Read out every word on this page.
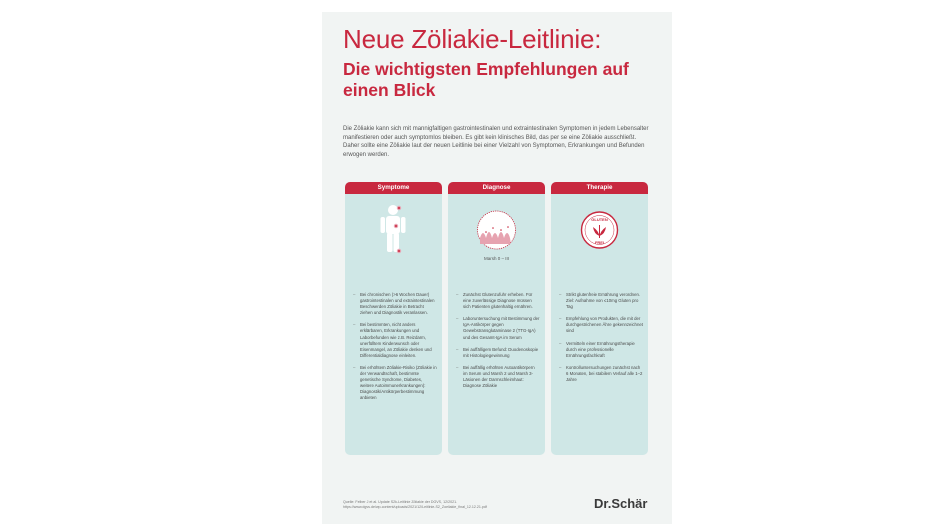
Neue Zöliakie-Leitlinie:
Die wichtigsten Empfehlungen auf einen Blick
Die Zöliakie kann sich mit mannigfaltigen gastrointestinalen und extraintestinalen Symptomen in jedem Lebensalter manifestieren oder auch symptomlos bleiben. Es gibt kein klinisches Bild, das per se eine Zöliakie ausschließt. Daher sollte eine Zöliakie laut der neuen Leitlinie bei einer Vielzahl von Symptomen, Erkrankungen und Befunden erwogen werden.
Symptome
– Bei chronischen (>6 Wochen Dauer) gastrointestinalen und extraintestinalen Beschwerden Zöliakie in Betracht ziehen und Diagnostik veranlassen.
– Bei bestimmten, nicht anders erklärbaren, Erkrankungen und Laborbefunden wie z.B. Reizdarm, unerfülltem Kinderwunsch oder Eisenmangel, an Zöliakie denken und Differentialdiagnose einleiten.
– Bei erhöhtem Zöliakie-Risiko (Zöliakie in der Verwandtschaft, bestimmte genetische Syndrome, Diabetes, weitere Autoimmunerkrankungen): Diagnostik/Antikörperbestimmung anbieten
Diagnose
Marsh 0 – III
– Zunächst Glutenzufuhr erheben. Für eine zuverlässige Diagnose müssen sich Patienten glutenhaltig ernähren.
– Laboruntersuchung mit Bestimmung der IgA-Antikörper gegen Gewebstransglutaminase 2 (TTG-IgA) und des Gesamt-IgA im Serum
– Bei auffälligem Befund: Duodenoskopie mit Histologiegewinnung
– Bei auffällig erhöhten Autoantikörpern im Serum und Marsh 2 und Marsh 3-Läsionen der Darmschleimhaut: Diagnose Zöliakie
Therapie
GLUTEN
FREI
– Strikt glutenfreie Ernährung verordnen. Ziel: Aufnahme von ≤10mg Gluten pro Tag
– Empfehlung von Produkten, die mit der durchgestrichenen Ähre gekennzeichnet sind
– Vermitteln einer Ernährungstherapie durch eine professionelle Ernährungsfachkraft
– Kontrolluntersuchungen zunächst nach 6 Monaten, bei stabilem Verlauf alle 1–2 Jahre
Quelle: Felber J et al. Update S2k-Leitlinie Zöliakie der DGVS, 12/2021.
https://www.dgvs.de/wp-content/uploads/2021/12/Leitlinie-S2_Zoeliakie_final_12.12.21.pdf	Dr.Schär
